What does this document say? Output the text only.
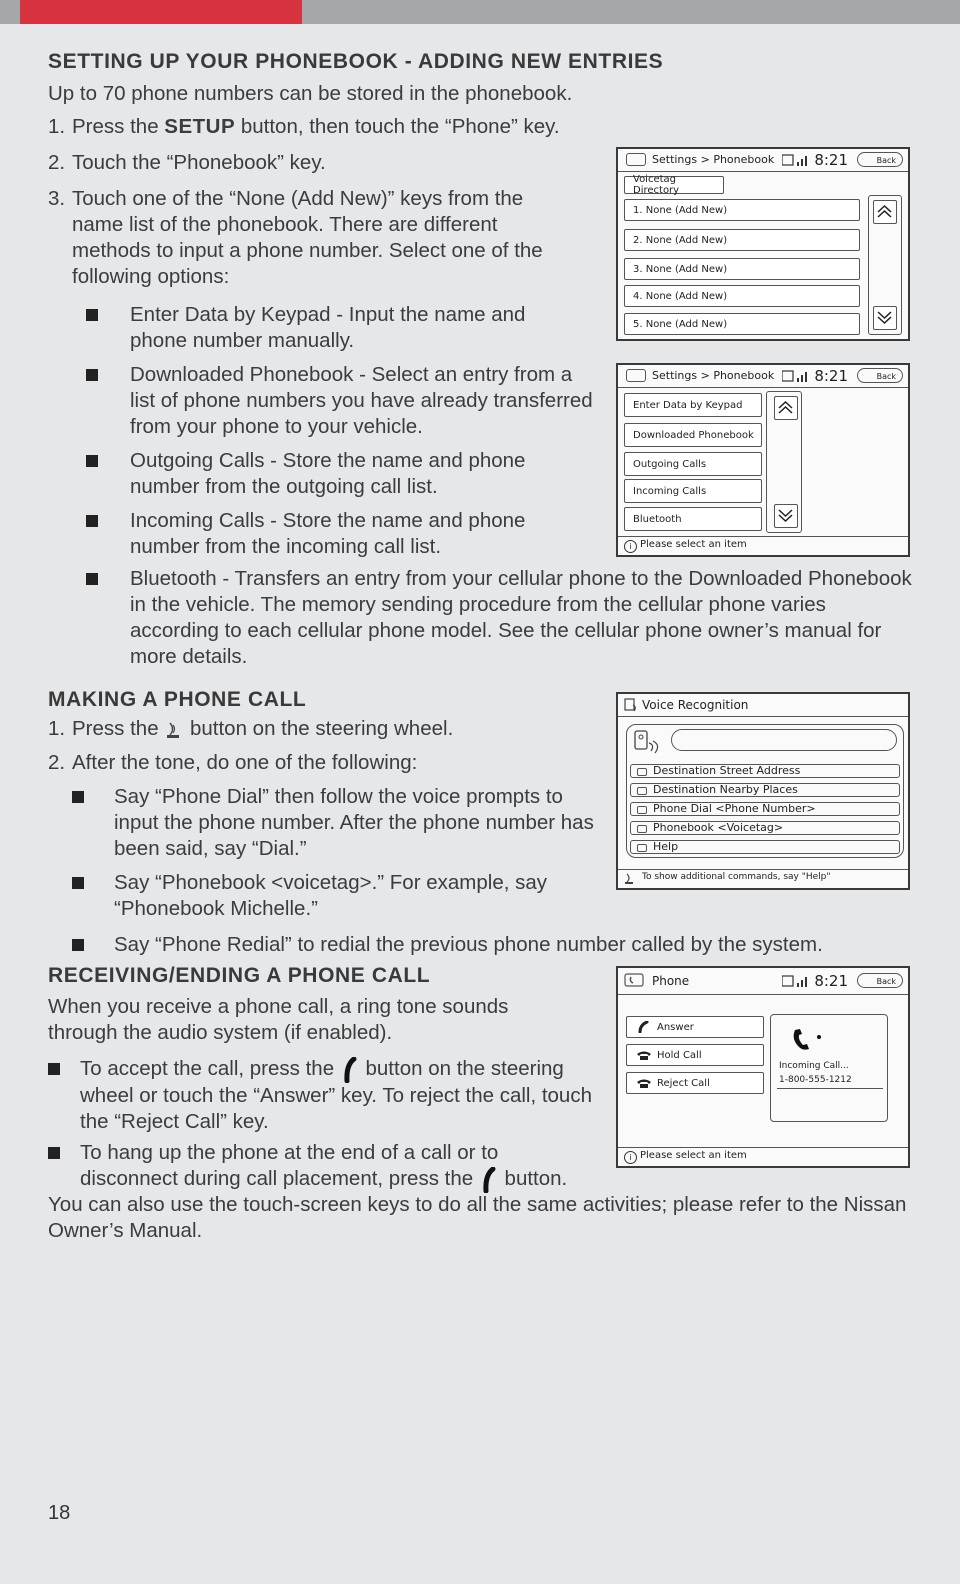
SETTING UP YOUR PHONEBOOK - ADDING NEW ENTRIES

Up to 70 phone numbers can be stored in the phonebook.

1. Press the SETUP button, then touch the “Phone” key.

2. Touch the “Phonebook” key.

3. Touch one of the “None (Add New)” keys from the name list of the phonebook. There are different methods to input a phone number. Select one of the following options:

Enter Data by Keypad - Input the name and phone number manually.

Downloaded Phonebook - Select an entry from a list of phone numbers you have already transferred from your phone to your vehicle.

Outgoing Calls - Store the name and phone number from the outgoing call list.

Incoming Calls - Store the name and phone number from the incoming call list.

Bluetooth - Transfers an entry from your cellular phone to the Downloaded Phonebook in the vehicle. The memory sending procedure from the cellular phone varies according to each cellular phone model. See the cellular phone owner’s manual for more details.

MAKING A PHONE CALL

1. Press the  button on the steering wheel.

2. After the tone, do one of the following:

Say “Phone Dial” then follow the voice prompts to input the phone number. After the phone number has been said, say “Dial.”

Say “Phonebook <voicetag>.” For example, say “Phonebook Michelle.”

Say “Phone Redial” to redial the previous phone number called by the system.

RECEIVING/ENDING A PHONE CALL

When you receive a phone call, a ring tone sounds through the audio system (if enabled).

To accept the call, press the  button on the steering wheel or touch the “Answer” key. To reject the call, touch the “Reject Call” key.

To hang up the phone at the end of a call or to disconnect during call placement, press the  button.

You can also use the touch-screen keys to do all the same activities; please refer to the Nissan Owner’s Manual.

Settings > Phonebook	8:21	Back
Voicetag Directory
1. None (Add New)
2. None (Add New)
3. None (Add New)
4. None (Add New)
5. None (Add New)
Settings > Phonebook	8:21	Back
Enter Data by Keypad
Downloaded Phonebook
Outgoing Calls
Incoming Calls
Bluetooth
i Please select an item
Voice Recognition
Destination Street Address
Destination Nearby Places
Phone Dial <Phone Number>
Phonebook <Voicetag>
Help
To show additional commands, say "Help"
Phone	8:21	Back
Answer
Hold Call
Reject Call
Incoming Call...
1-800-555-1212
i Please select an item
18
